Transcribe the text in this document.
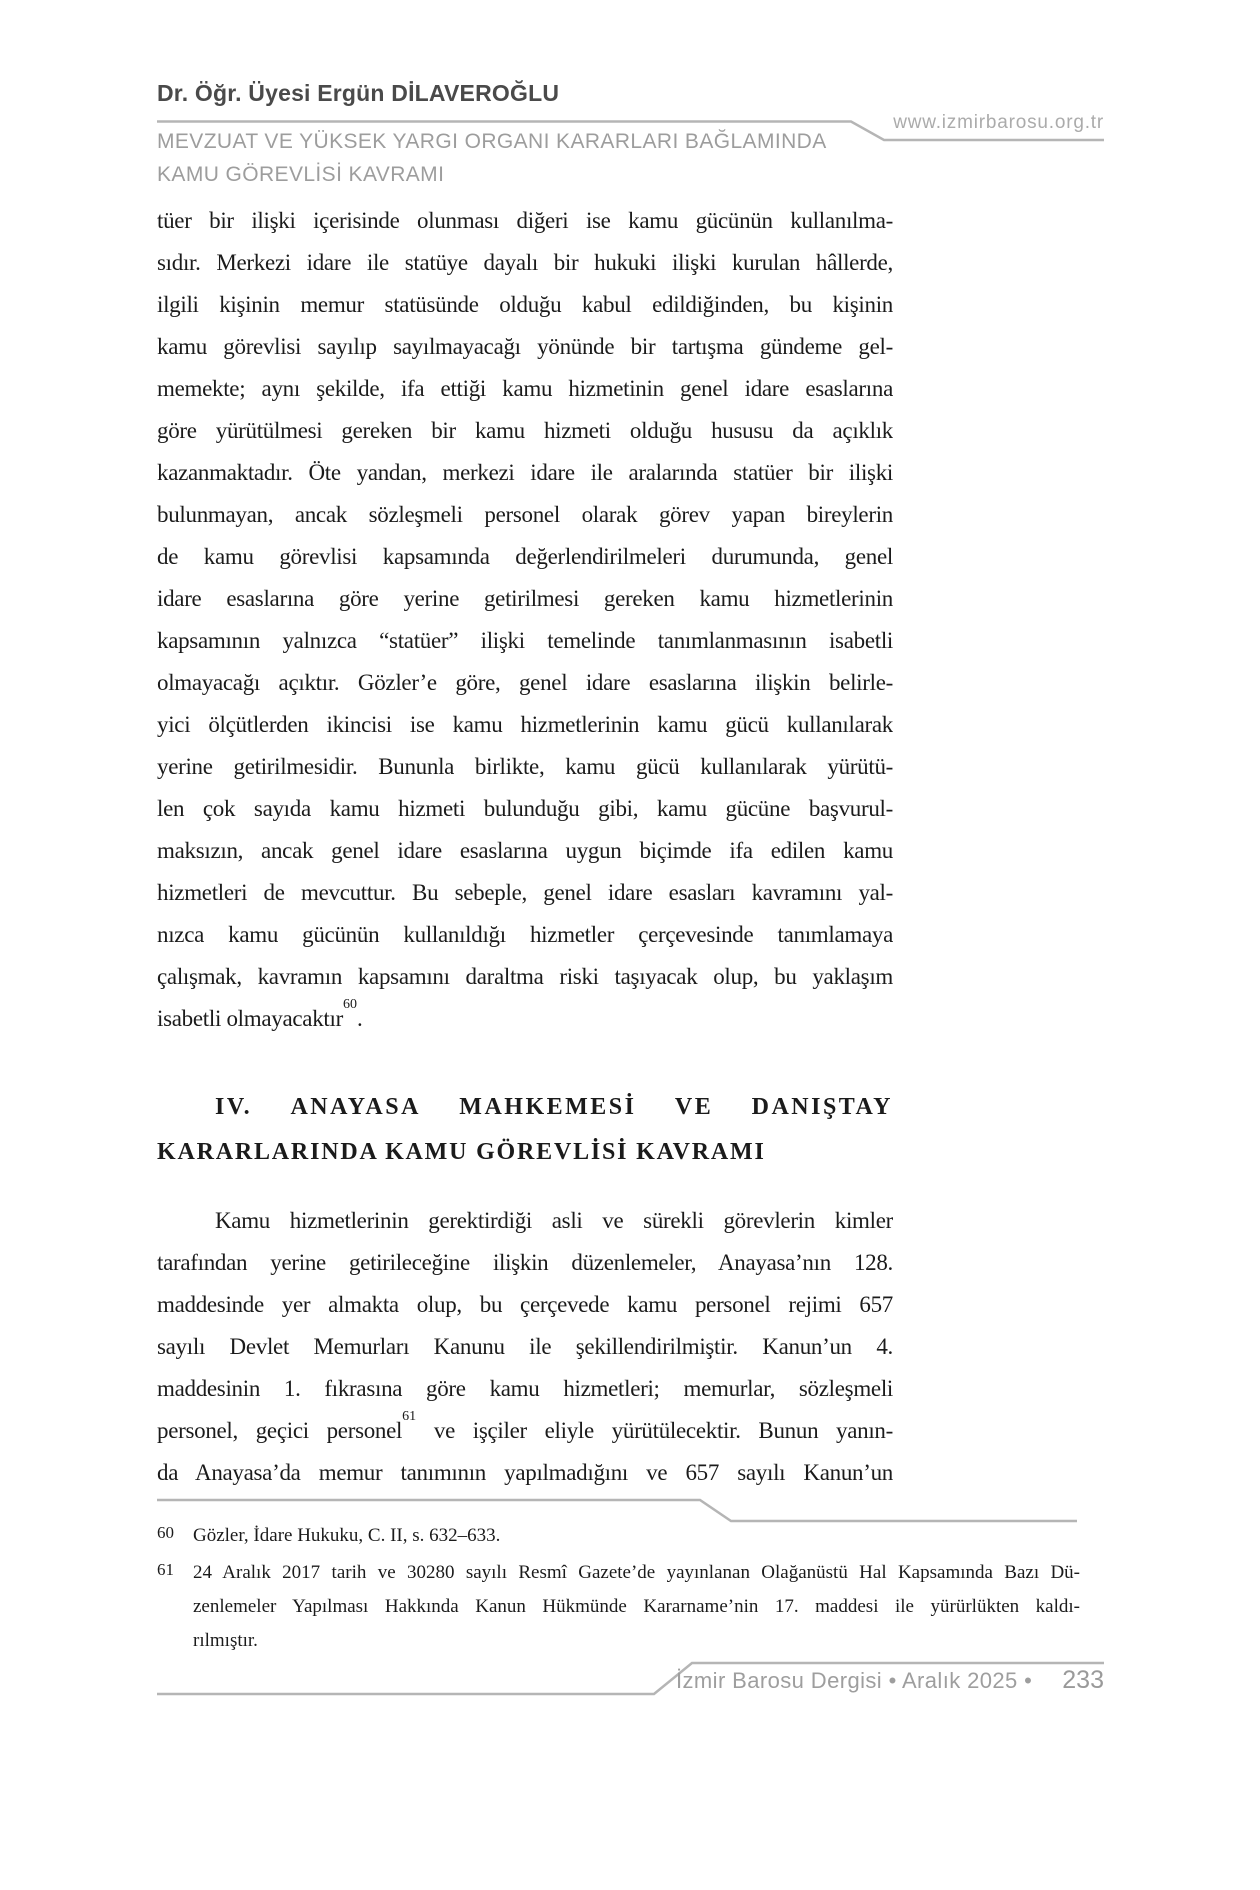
Dr. Öğr. Üyesi Ergün DİLAVEROĞLU
MEVZUAT VE YÜKSEK YARGI ORGANI KARARLARI BAĞLAMINDA
KAMU GÖREVLİSİ KAVRAMI
www.izmirbarosu.org.tr
tüer bir ilişki içerisinde olunması diğeri ise kamu gücünün kullanılma-
sıdır. Merkezi idare ile statüye dayalı bir hukuki ilişki kurulan hâllerde,
ilgili kişinin memur statüsünde olduğu kabul edildiğinden, bu kişinin
kamu görevlisi sayılıp sayılmayacağı yönünde bir tartışma gündeme gel-
memekte; aynı şekilde, ifa ettiği kamu hizmetinin genel idare esaslarına
göre yürütülmesi gereken bir kamu hizmeti olduğu hususu da açıklık
kazanmaktadır. Öte yandan, merkezi idare ile aralarında statüer bir ilişki
bulunmayan, ancak sözleşmeli personel olarak görev yapan bireylerin
de kamu görevlisi kapsamında değerlendirilmeleri durumunda, genel
idare esaslarına göre yerine getirilmesi gereken kamu hizmetlerinin
kapsamının yalnızca “statüer” ilişki temelinde tanımlanmasının isabetli
olmayacağı açıktır. Gözler’e göre, genel idare esaslarına ilişkin belirle-
yici ölçütlerden ikincisi ise kamu hizmetlerinin kamu gücü kullanılarak
yerine getirilmesidir. Bununla birlikte, kamu gücü kullanılarak yürütü-
len çok sayıda kamu hizmeti bulunduğu gibi, kamu gücüne başvurul-
maksızın, ancak genel idare esaslarına uygun biçimde ifa edilen kamu
hizmetleri de mevcuttur. Bu sebeple, genel idare esasları kavramını yal-
nızca kamu gücünün kullanıldığı hizmetler çerçevesinde tanımlamaya
çalışmak, kavramın kapsamını daraltma riski taşıyacak olup, bu yaklaşım
isabetli olmayacaktır$^{60}$.
IV. ANAYASA MAHKEMESİ VE DANIŞTAY
KARARLARINDA KAMU GÖREVLİSİ KAVRAMI
Kamu hizmetlerinin gerektirdiği asli ve sürekli görevlerin kimler
tarafından yerine getirileceğine ilişkin düzenlemeler, Anayasa’nın 128.
maddesinde yer almakta olup, bu çerçevede kamu personel rejimi 657
sayılı Devlet Memurları Kanunu ile şekillendirilmiştir. Kanun’un 4.
maddesinin 1. fıkrasına göre kamu hizmetleri; memurlar, sözleşmeli
personel, geçici personel$^{61}$ ve işçiler eliyle yürütülecektir. Bunun yanın-
da Anayasa’da memur tanımının yapılmadığını ve 657 sayılı Kanun’un
60	Gözler, İdare Hukuku, C. II, s. 632–633.
61 24 Aralık 2017 tarih ve 30280 sayılı Resmî Gazete’de yayınlanan Olağanüstü Hal Kapsamında Bazı Dü-
zenlemeler Yapılması Hakkında Kanun Hükmünde Kararname’nin 17. maddesi ile yürürlükten kaldı-
rılmıştır.
İzmir Barosu Dergisi • Aralık 2025 • 233
